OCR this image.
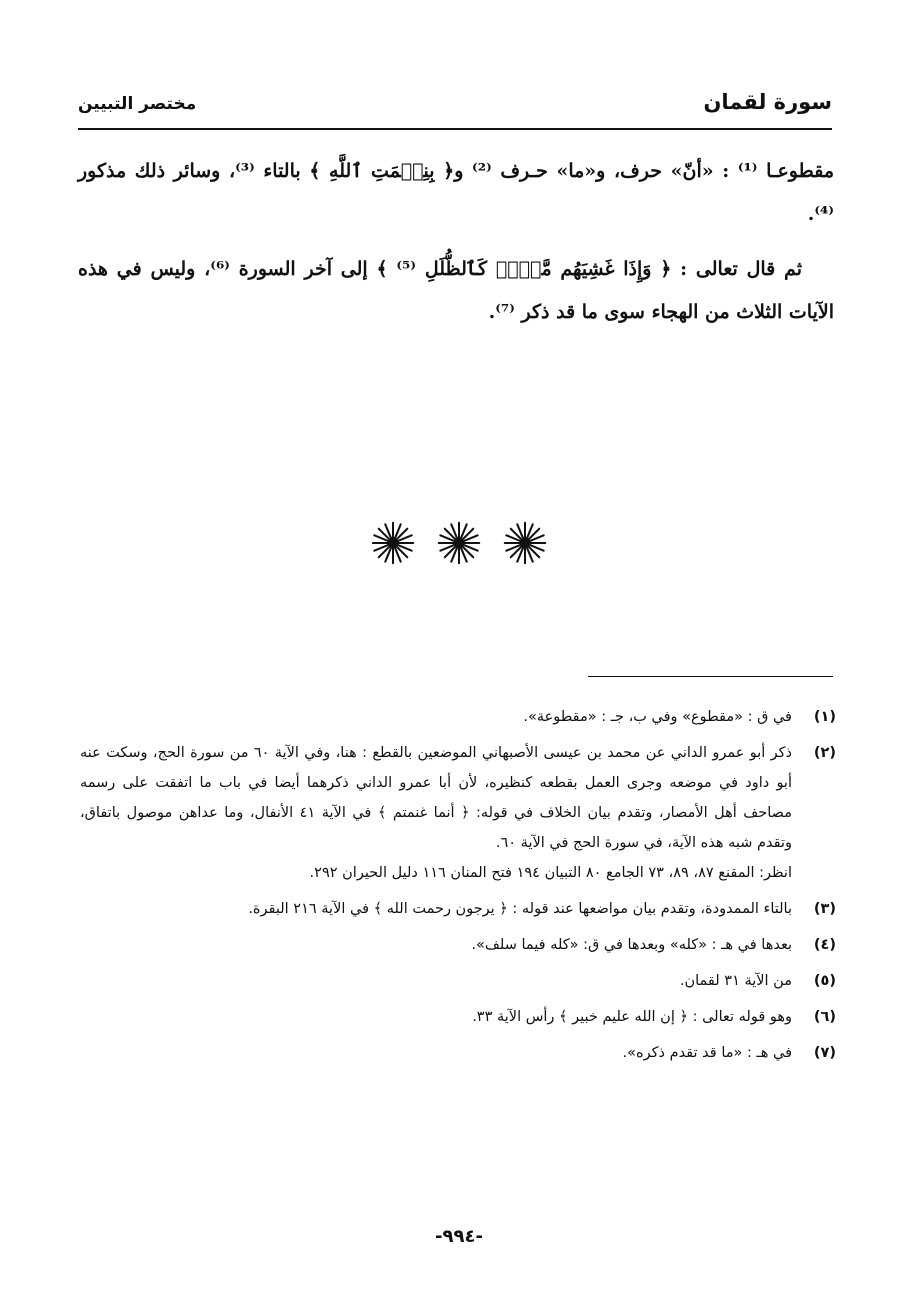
سورة لقمان
مختصر التبيين

مقطوعـا ⁽¹⁾ : «أنّ» حرف، و«ما» حـرف ⁽²⁾ و﴿ بِنِعۡمَتِ ٱللَّهِ ﴾ بالتاء ⁽³⁾، وسائر ذلك مذكور ⁽⁴⁾.

ثم قال تعالى : ﴿ وَإِذَا غَشِيَهُم مَّوۡجٞ كَٱلظُّلَلِ ⁽⁵⁾ ﴾ إلى آخر السورة ⁽⁶⁾، وليس في هذه الآيات الثلاث من الهجاء سوى ما قد ذكر ⁽⁷⁾.

(١)
في ق : «مقطوع» وفي ب، جـ : «مقطوعة».
(٢)
ذكر أبو عمرو الداني عن محمد بن عيسى الأصبهاني الموضعين بالقطع : هنا، وفي الآية ٦٠ من سورة الحج، وسكت عنه أبو داود في موضعه وجرى العمل بقطعه كنظيره، لأن أبا عمرو الداني ذكرهما أيضا في باب ما اتفقت على رسمه مصاحف أهل الأمصار، وتقدم بيان الخلاف في قوله: ﴿ أنما غنمتم ﴾ في الآية ٤١ الأنفال، وما عداهن موصول باتفاق، وتقدم شبه هذه الآية، في سورة الحج في الآية ٦٠.
انظر: المقنع ٨٧، ٨٩، ٧٣ الجامع ٨٠ التبيان ١٩٤ فتح المنان ١١٦ دليل الحيران ٢٩٢.
(٣)
بالتاء الممدودة، وتقدم بيان مواضعها عند قوله : ﴿ يرجون رحمت الله ﴾ في الآية ٢١٦ البقرة.
(٤)
بعدها في هـ : «كله» وبعدها في ق: «كله فيما سلف».
(٥)
من الآية ٣١ لقمان.
(٦)
وهو قوله تعالى : ﴿ إن الله عليم خبير ﴾ رأس الآية ٣٣.
(٧)
في هـ : «ما قد تقدم ذكره».
-٩٩٤-
